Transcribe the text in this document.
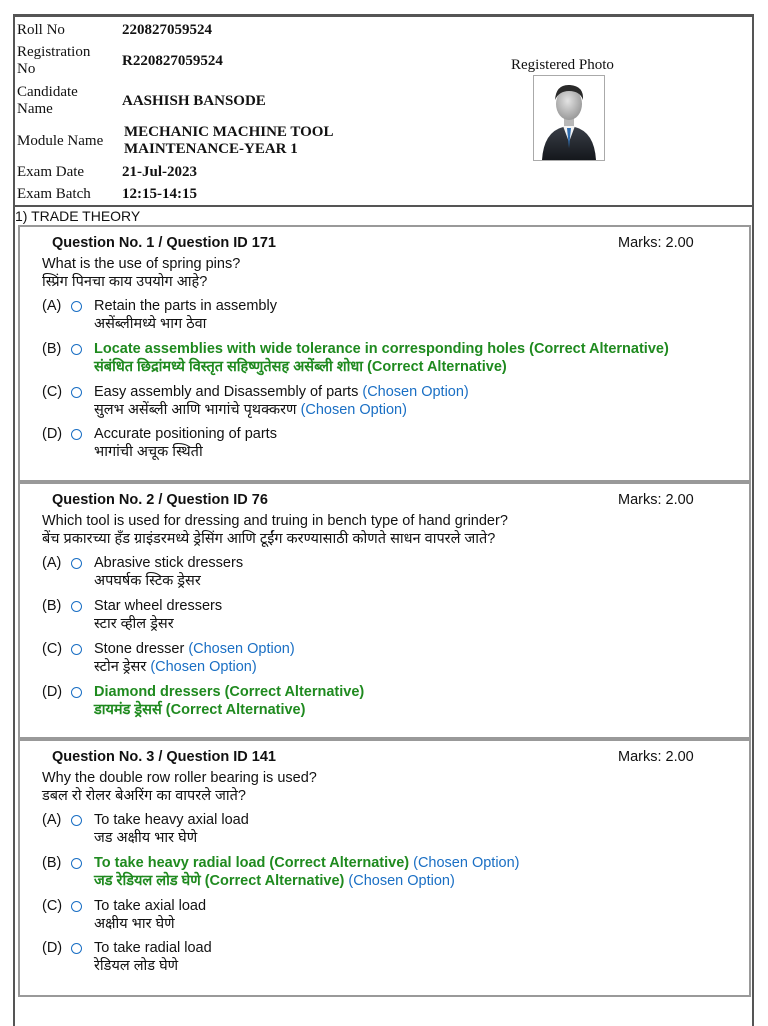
Roll No	220827059524
Registration
No	R220827059524
Candidate
Name	AASHISH BANSODE
Module Name
MECHANIC MACHINE TOOL
MAINTENANCE-YEAR 1
Exam Date	21-Jul-2023
Exam Batch	12:15-14:15
Registered Photo
1) TRADE THEORY
Question No. 1 / Question ID 171	Marks: 2.00
What is the use of spring pins?
स्प्रिंग पिनचा काय उपयोग आहे?
(A)	Retain the parts in assembly
असेंब्लीमध्ये भाग ठेवा
(B)	Locate assemblies with wide tolerance in corresponding holes (Correct Alternative)
संबंधित छिद्रांमध्ये विस्तृत सहिष्णुतेसह असेंब्ली शोधा (Correct Alternative)
(C)	Easy assembly and Disassembly of parts (Chosen Option)
सुलभ असेंब्ली आणि भागांचे पृथक्करण (Chosen Option)
(D)	Accurate positioning of parts
भागांची अचूक स्थिती
Question No. 2 / Question ID 76	Marks: 2.00
Which tool is used for dressing and truing in bench type of hand grinder?
बेंच प्रकारच्या हँड ग्राइंडरमध्ये ड्रेसिंग आणि टूईंग करण्यासाठी कोणते साधन वापरले जाते?
(A)	Abrasive stick dressers
अपघर्षक स्टिक ड्रेसर
(B)	Star wheel dressers
स्टार व्हील ड्रेसर
(C)	Stone dresser (Chosen Option)
स्टोन ड्रेसर (Chosen Option)
(D)	Diamond dressers (Correct Alternative)
डायमंड ड्रेसर्स (Correct Alternative)
Question No. 3 / Question ID 141	Marks: 2.00
Why the double row roller bearing is used?
डबल रो रोलर बेअरिंग का वापरले जाते?
(A)	To take heavy axial load
जड अक्षीय भार घेणे
(B)	To take heavy radial load (Correct Alternative) (Chosen Option)
जड रेडियल लोड घेणे (Correct Alternative) (Chosen Option)
(C)	To take axial load
अक्षीय भार घेणे
(D)	To take radial load
रेडियल लोड घेणे
